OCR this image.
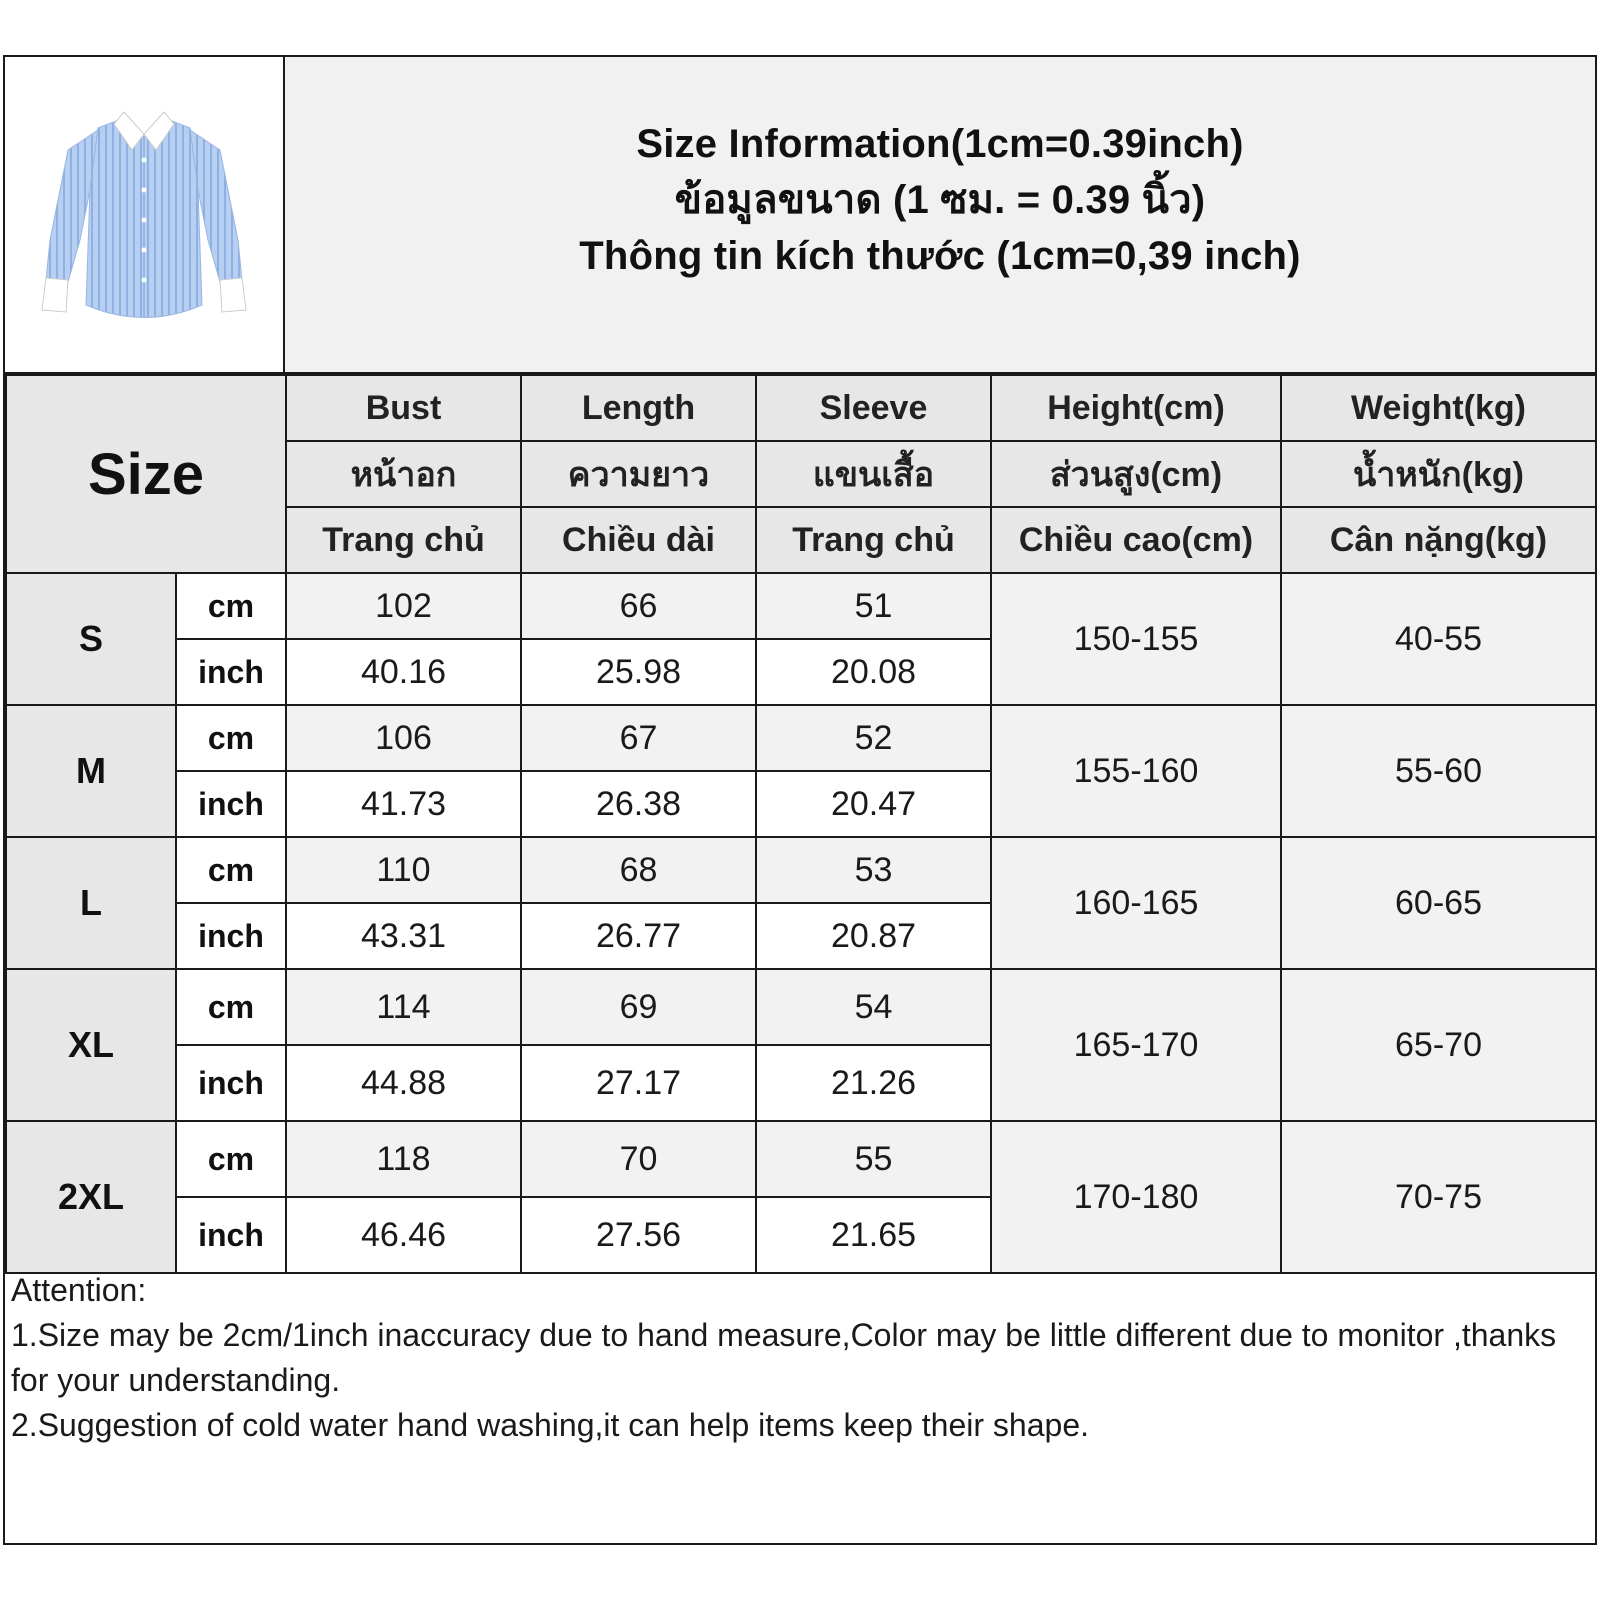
Size Information(1cm=0.39inch)
ข้อมูลขนาด (1 ซม. = 0.39 นิ้ว)
Thông tin kích thước (1cm=0,39 inch)
Size		Bust	Length	Sleeve	Height(cm)	Weight(kg)
		หน้าอก	ความยาว	แขนเสื้อ	ส่วนสูง(cm)	น้ำหนัก(kg)
		Trang chủ	Chiều dài	Trang chủ	Chiều cao(cm)	Cân nặng(kg)
S	cm	102	66	51	150-155	40-55
	inch	40.16	25.98	20.08		
M	cm	106	67	52	155-160	55-60
	inch	41.73	26.38	20.47		
L	cm	110	68	53	160-165	60-65
	inch	43.31	26.77	20.87		
XL	cm	114	69	54	165-170	65-70
	inch	44.88	27.17	21.26		
2XL	cm	118	70	55	170-180	70-75
	inch	46.46	27.56	21.65		

Attention:

1.Size may be 2cm/1inch inaccuracy due to hand measure,Color may be little different due to monitor ,thanks for your understanding.

2.Suggestion of cold water hand washing,it can help items keep their shape.
